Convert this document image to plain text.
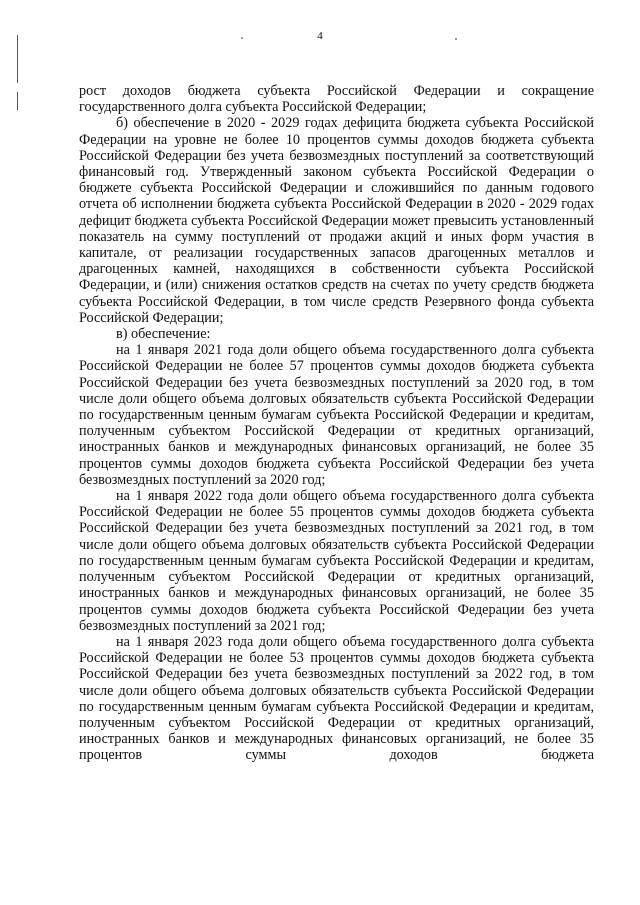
4

рост доходов бюджета субъекта Российской Федерации и сокращение государственного долга субъекта Российской Федерации;

б) обеспечение в 2020 - 2029 годах дефицита бюджета субъекта Российской Федерации на уровне не более 10 процентов суммы доходов бюджета субъекта Российской Федерации без учета безвозмездных поступлений за соответствующий финансовый год. Утвержденный законом субъекта Российской Федерации о бюджете субъекта Российской Федерации и сложившийся по данным годового отчета об исполнении бюджета субъекта Российской Федерации в 2020 - 2029 годах дефицит бюджета субъекта Российской Федерации может превысить установленный показатель на сумму поступлений от продажи акций и иных форм участия в капитале, от реализации государственных запасов драгоценных металлов и драгоценных камней, находящихся в собственности субъекта Российской Федерации, и (или) снижения остатков средств на счетах по учету средств бюджета субъекта Российской Федерации, в том числе средств Резервного фонда субъекта Российской Федерации;

в) обеспечение:

на 1 января 2021 года доли общего объема государственного долга субъекта Российской Федерации не более 57 процентов суммы доходов бюджета субъекта Российской Федерации без учета безвозмездных поступлений за 2020 год, в том числе доли общего объема долговых обязательств субъекта Российской Федерации по государственным ценным бумагам субъекта Российской Федерации и кредитам, полученным субъектом Российской Федерации от кредитных организаций, иностранных банков и международных финансовых организаций, не более 35 процентов суммы доходов бюджета субъекта Российской Федерации без учета безвозмездных поступлений за 2020 год;

на 1 января 2022 года доли общего объема государственного долга субъекта Российской Федерации не более 55 процентов суммы доходов бюджета субъекта Российской Федерации без учета безвозмездных поступлений за 2021 год, в том числе доли общего объема долговых обязательств субъекта Российской Федерации по государственным ценным бумагам субъекта Российской Федерации и кредитам, полученным субъектом Российской Федерации от кредитных организаций, иностранных банков и международных финансовых организаций, не более 35 процентов суммы доходов бюджета субъекта Российской Федерации без учета безвозмездных поступлений за 2021 год;

на 1 января 2023 года доли общего объема государственного долга субъекта Российской Федерации не более 53 процентов суммы доходов бюджета субъекта Российской Федерации без учета безвозмездных поступлений за 2022 год, в том числе доли общего объема долговых обязательств субъекта Российской Федерации по государственным ценным бумагам субъекта Российской Федерации и кредитам, полученным субъектом Российской Федерации от кредитных организаций, иностранных банков и международных финансовых организаций, не более 35 процентов суммы доходов бюджета
